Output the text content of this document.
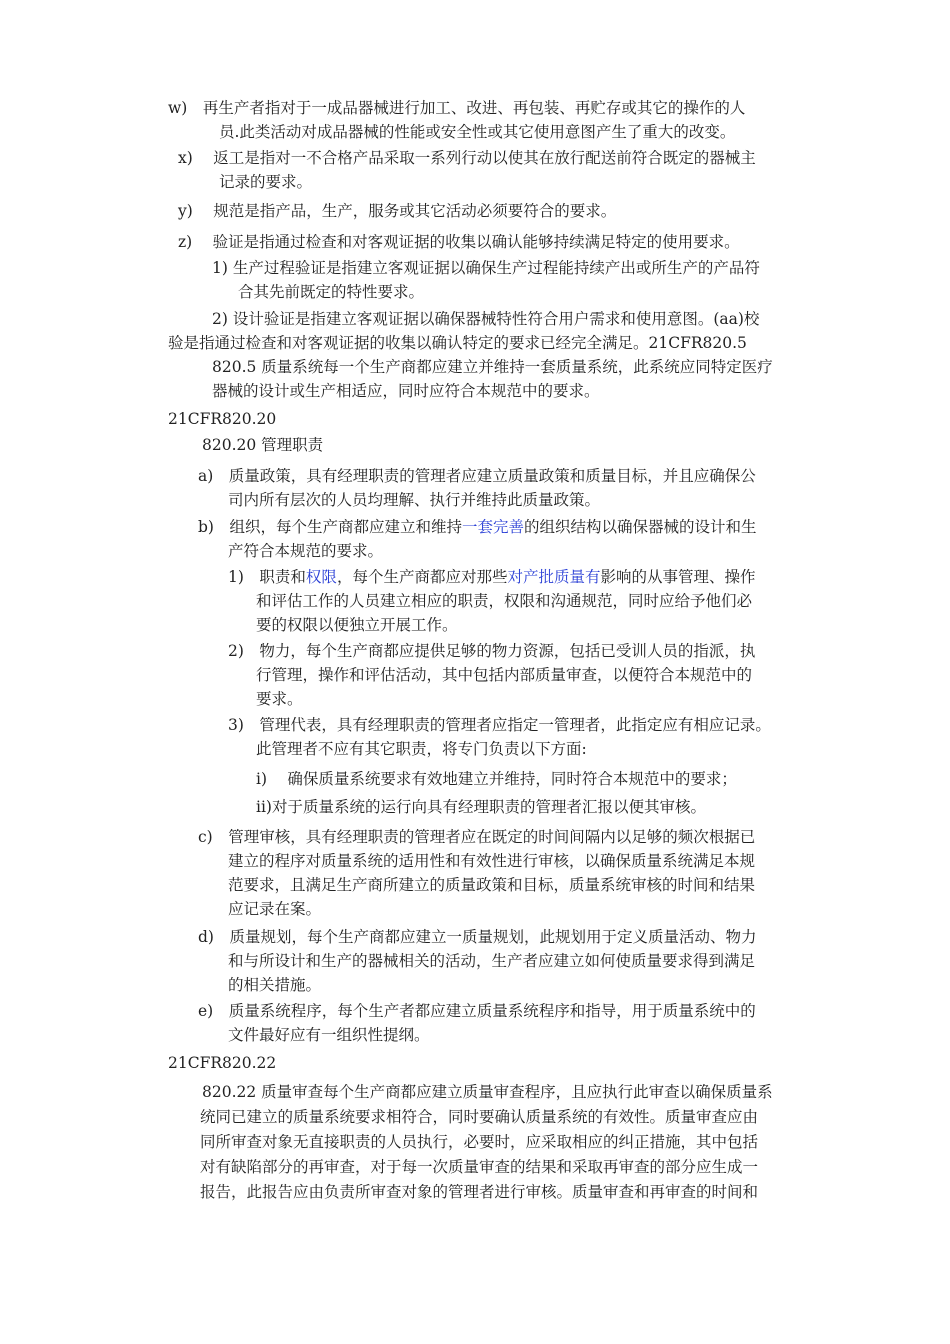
w)　再生产者指对于一成品器械进行加工、改进、再包装、再贮存或其它的操作的人
员.此类活动对成品器械的性能或安全性或其它使用意图产生了重大的改变。
x)　 返工是指对一不合格产品采取一系列行动以使其在放行配送前符合既定的器械主
记录的要求。
y)　 规范是指产品，生产，服务或其它活动必须要符合的要求。
z)　 验证是指通过检查和对客观证据的收集以确认能够持续满足特定的使用要求。
1) 生产过程验证是指建立客观证据以确保生产过程能持续产出或所生产的产品符
合其先前既定的特性要求。
2) 设计验证是指建立客观证据以确保器械特性符合用户需求和使用意图。(aa)校
验是指通过检查和对客观证据的收集以确认特定的要求已经完全满足。21CFR820.5
820.5 质量系统每一个生产商都应建立并维持一套质量系统，此系统应同特定医疗
器械的设计或生产相适应，同时应符合本规范中的要求。
21CFR820.20
820.20 管理职责
a)　质量政策，具有经理职责的管理者应建立质量政策和质量目标，并且应确保公
司内所有层次的人员均理解、执行并维持此质量政策。
b)　组织，每个生产商都应建立和维持一套完善的组织结构以确保器械的设计和生
产符合本规范的要求。
1)　职责和权限，每个生产商都应对那些对产批质量有影响的从事管理、操作
和评估工作的人员建立相应的职责，权限和沟通规范，同时应给予他们必
要的权限以便独立开展工作。
2)　物力，每个生产商都应提供足够的物力资源，包括已受训人员的指派，执
行管理，操作和评估活动，其中包括内部质量审查，以便符合本规范中的
要求。
3)　管理代表，具有经理职责的管理者应指定一管理者，此指定应有相应记录。
此管理者不应有其它职责，将专门负责以下方面:
i)　 确保质量系统要求有效地建立并维持，同时符合本规范中的要求；
ii)对于质量系统的运行向具有经理职责的管理者汇报以便其审核。
c)　管理审核，具有经理职责的管理者应在既定的时间间隔内以足够的频次根据已
建立的程序对质量系统的适用性和有效性进行审核，以确保质量系统满足本规
范要求，且满足生产商所建立的质量政策和目标，质量系统审核的时间和结果
应记录在案。
d)　质量规划，每个生产商都应建立一质量规划，此规划用于定义质量活动、物力
和与所设计和生产的器械相关的活动，生产者应建立如何使质量要求得到满足
的相关措施。
e)　质量系统程序，每个生产者都应建立质量系统程序和指导，用于质量系统中的
文件最好应有一组织性提纲。
21CFR820.22
820.22 质量审查每个生产商都应建立质量审查程序，且应执行此审查以确保质量系
统同已建立的质量系统要求相符合，同时要确认质量系统的有效性。质量审查应由
同所审查对象无直接职责的人员执行，必要时，应采取相应的纠正措施，其中包括
对有缺陷部分的再审查，对于每一次质量审查的结果和采取再审查的部分应生成一
报告，此报告应由负责所审查对象的管理者进行审核。质量审查和再审查的时间和
